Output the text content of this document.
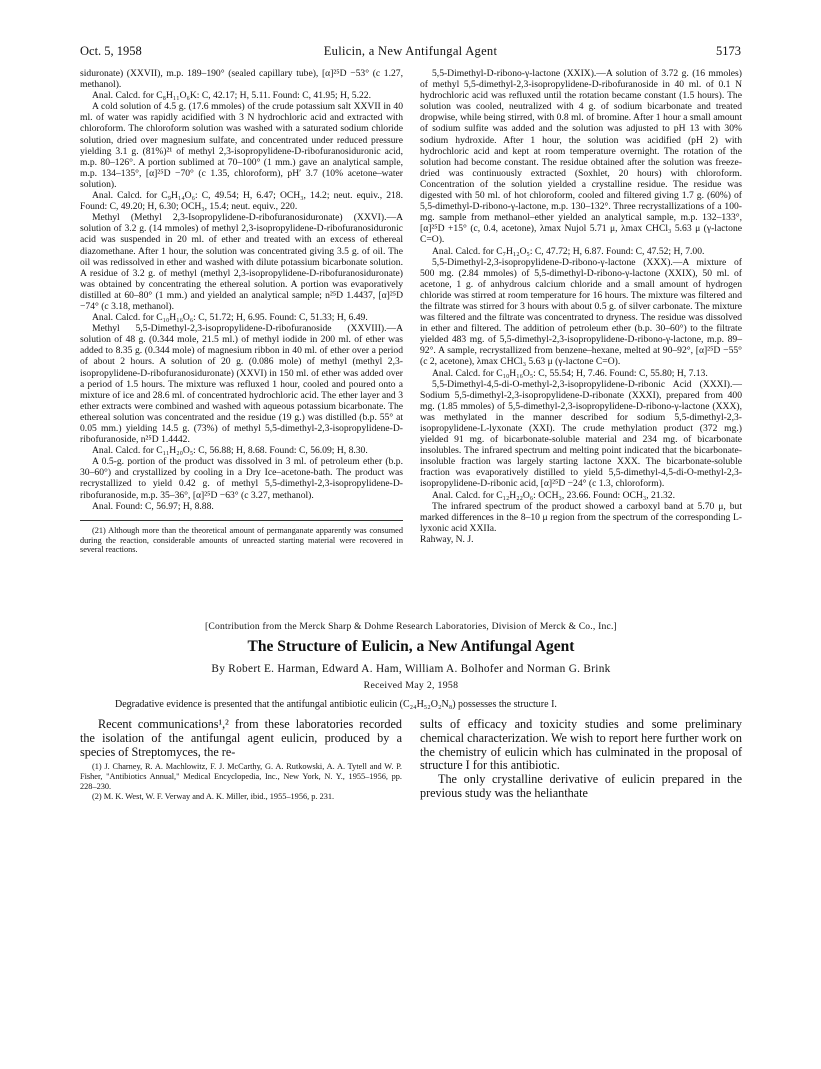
Oct. 5, 1958	Eulicin, a New Antifungal Agent	5173

siduronate) (XXVII), m.p. 189–190° (sealed capillary tube), [α]²⁵D −53° (c 1.27, methanol).

Anal. Calcd. for C₈H₁₁O₆K: C, 42.17; H, 5.11. Found: C, 41.95; H, 5.22.

A cold solution of 4.5 g. (17.6 mmoles) of the crude potassium salt XXVII in 40 ml. of water was rapidly acidified with 3 N hydrochloric acid and extracted with chloroform. The chloroform solution was washed with a saturated sodium chloride solution, dried over magnesium sulfate, and concentrated under reduced pressure yielding 3.1 g. (81%)²¹ of methyl 2,3-isopropylidene-D-ribofuranosiduronic acid, m.p. 80–126°. A portion sublimed at 70–100° (1 mm.) gave an analytical sample, m.p. 134–135°, [α]²⁵D −70° (c 1.35, chloroform), pH′ 3.7 (10% acetone–water solution).

Anal. Calcd. for C₉H₁₄O₆: C, 49.54; H, 6.47; OCH₃, 14.2; neut. equiv., 218. Found: C, 49.20; H, 6.30; OCH₃, 15.4; neut. equiv., 220.

Methyl (Methyl 2,3-Isopropylidene-D-ribofuranosiduronate) (XXVI).—A solution of 3.2 g. (14 mmoles) of methyl 2,3-isopropylidene-D-ribofuranosiduronic acid was suspended in 20 ml. of ether and treated with an excess of ethereal diazomethane. After 1 hour, the solution was concentrated giving 3.5 g. of oil. The oil was redissolved in ether and washed with dilute potassium bicarbonate solution. A residue of 3.2 g. of methyl (methyl 2,3-isopropylidene-D-ribofuranosiduronate) was obtained by concentrating the ethereal solution. A portion was evaporatively distilled at 60–80° (1 mm.) and yielded an analytical sample; n²⁵D 1.4437, [α]²⁵D −74° (c 3.18, methanol).

Anal. Calcd. for C₁₀H₁₆O₆: C, 51.72; H, 6.95. Found: C, 51.33; H, 6.49.

Methyl 5,5-Dimethyl-2,3-isopropylidene-D-ribofuranoside (XXVIII).—A solution of 48 g. (0.344 mole, 21.5 ml.) of methyl iodide in 200 ml. of ether was added to 8.35 g. (0.344 mole) of magnesium ribbon in 40 ml. of ether over a period of about 2 hours. A solution of 20 g. (0.086 mole) of methyl (methyl 2,3-isopropylidene-D-ribofuranosiduronate) (XXVI) in 150 ml. of ether was added over a period of 1.5 hours. The mixture was refluxed 1 hour, cooled and poured onto a mixture of ice and 28.6 ml. of concentrated hydrochloric acid. The ether layer and 3 ether extracts were combined and washed with aqueous potassium bicarbonate. The ethereal solution was concentrated and the residue (19 g.) was distilled (b.p. 55° at 0.05 mm.) yielding 14.5 g. (73%) of methyl 5,5-dimethyl-2,3-isopropylidene-D-ribofuranoside, n²⁵D 1.4442.

Anal. Calcd. for C₁₁H₂₀O₅: C, 56.88; H, 8.68. Found: C, 56.09; H, 8.30.

A 0.5-g. portion of the product was dissolved in 3 ml. of petroleum ether (b.p. 30–60°) and crystallized by cooling in a Dry Ice–acetone-bath. The product was recrystallized to yield 0.42 g. of methyl 5,5-dimethyl-2,3-isopropylidene-D-ribofuranoside, m.p. 35–36°, [α]²⁵D −63° (c 3.27, methanol).

Anal. Found: C, 56.97; H, 8.88.

(21) Although more than the theoretical amount of permanganate apparently was consumed during the reaction, considerable amounts of unreacted starting material were recovered in several reactions.

5,5-Dimethyl-D-ribono-γ-lactone (XXIX).—A solution of 3.72 g. (16 mmoles) of methyl 5,5-dimethyl-2,3-isopropylidene-D-ribofuranoside in 40 ml. of 0.1 N hydrochloric acid was refluxed until the rotation became constant (1.5 hours). The solution was cooled, neutralized with 4 g. of sodium bicarbonate and treated dropwise, while being stirred, with 0.8 ml. of bromine. After 1 hour a small amount of sodium sulfite was added and the solution was adjusted to pH 13 with 30% sodium hydroxide. After 1 hour, the solution was acidified (pH 2) with hydrochloric acid and kept at room temperature overnight. The rotation of the solution had become constant. The residue obtained after the solution was freeze-dried was continuously extracted (Soxhlet, 20 hours) with chloroform. Concentration of the solution yielded a crystalline residue. The residue was digested with 50 ml. of hot chloroform, cooled and filtered giving 1.7 g. (60%) of 5,5-dimethyl-D-ribono-γ-lactone, m.p. 130–132°. Three recrystallizations of a 100-mg. sample from methanol–ether yielded an analytical sample, m.p. 132–133°, [α]²⁵D +15° (c, 0.4, acetone), λmax Nujol 5.71 μ, λmax CHCl₃ 5.63 μ (γ-lactone C=O).

Anal. Calcd. for C₇H₁₂O₅: C, 47.72; H, 6.87. Found: C, 47.52; H, 7.00.

5,5-Dimethyl-2,3-isopropylidene-D-ribono-γ-lactone (XXX).—A mixture of 500 mg. (2.84 mmoles) of 5,5-dimethyl-D-ribono-γ-lactone (XXIX), 50 ml. of acetone, 1 g. of anhydrous calcium chloride and a small amount of hydrogen chloride was stirred at room temperature for 16 hours. The mixture was filtered and the filtrate was stirred for 3 hours with about 0.5 g. of silver carbonate. The mixture was filtered and the filtrate was concentrated to dryness. The residue was dissolved in ether and filtered. The addition of petroleum ether (b.p. 30–60°) to the filtrate yielded 483 mg. of 5,5-dimethyl-2,3-isopropylidene-D-ribono-γ-lactone, m.p. 89–92°. A sample, recrystallized from benzene–hexane, melted at 90–92°, [α]²⁵D −55° (c 2, acetone), λmax CHCl₃ 5.63 μ (γ-lactone C=O).

Anal. Calcd. for C₁₀H₁₆O₅: C, 55.54; H, 7.46. Found: C, 55.80; H, 7.13.

5,5-Dimethyl-4,5-di-O-methyl-2,3-isopropylidene-D-ribonic Acid (XXXI).—Sodium 5,5-dimethyl-2,3-isopropylidene-D-ribonate (XXXI), prepared from 400 mg. (1.85 mmoles) of 5,5-dimethyl-2,3-isopropylidene-D-ribono-γ-lactone (XXX), was methylated in the manner described for sodium 5,5-dimethyl-2,3-isopropylidene-L-lyxonate (XXI). The crude methylation product (372 mg.) yielded 91 mg. of bicarbonate-soluble material and 234 mg. of bicarbonate insolubles. The infrared spectrum and melting point indicated that the bicarbonate-insoluble fraction was largely starting lactone XXX. The bicarbonate-soluble fraction was evaporatively distilled to yield 5,5-dimethyl-4,5-di-O-methyl-2,3-isopropylidene-D-ribonic acid, [α]²⁵D −24° (c 1.3, chloroform).

Anal. Calcd. for C₁₂H₂₂O₆: OCH₃, 23.66. Found: OCH₃, 21.32.

The infrared spectrum of the product showed a carboxyl band at 5.70 μ, but marked differences in the 8–10 μ region from the spectrum of the corresponding L-lyxonic acid XXIIa.

Rahway, N. J.

[Contribution from the Merck Sharp & Dohme Research Laboratories, Division of Merck & Co., Inc.]
The Structure of Eulicin, a New Antifungal Agent
By Robert E. Harman, Edward A. Ham, William A. Bolhofer and Norman G. Brink
Received May 2, 1958
Degradative evidence is presented that the antifungal antibiotic eulicin (C₂₄H₅₂O₂N₈) possesses the structure I.

Recent communications¹,² from these laboratories recorded the isolation of the antifungal agent eulicin, produced by a species of Streptomyces, the re-

(1) J. Charney, R. A. Machlowitz, F. J. McCarthy, G. A. Rutkowski, A. A. Tytell and W. P. Fisher, "Antibiotics Annual," Medical Encyclopedia, Inc., New York, N. Y., 1955–1956, pp. 228–230.

(2) M. K. West, W. F. Verway and A. K. Miller, ibid., 1955–1956, p. 231.

sults of efficacy and toxicity studies and some preliminary chemical characterization. We wish to report here further work on the chemistry of eulicin which has culminated in the proposal of structure I for this antibiotic.

The only crystalline derivative of eulicin prepared in the previous study was the helianthate
